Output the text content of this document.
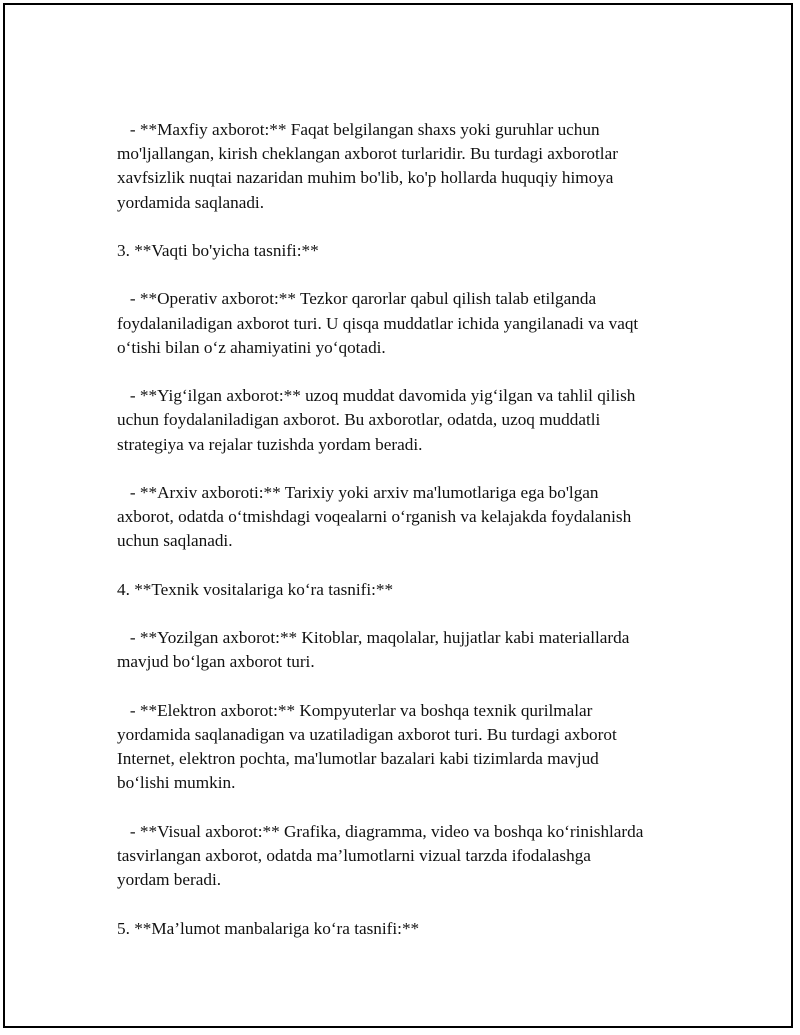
- **Maxfiy axborot:** Faqat belgilangan shaxs yoki guruhlar uchun
mo'ljallangan, kirish cheklangan axborot turlaridir. Bu turdagi axborotlar
xavfsizlik nuqtai nazaridan muhim bo'lib, ko'p hollarda huquqiy himoya
yordamida saqlanadi.
3. **Vaqti bo'yicha tasnifi:**
- **Operativ axborot:** Tezkor qarorlar qabul qilish talab etilganda
foydalaniladigan axborot turi. U qisqa muddatlar ichida yangilanadi va vaqt
o‘tishi bilan o‘z ahamiyatini yo‘qotadi.
- **Yig‘ilgan axborot:** uzoq muddat davomida yig‘ilgan va tahlil qilish
uchun foydalaniladigan axborot. Bu axborotlar, odatda, uzoq muddatli
strategiya va rejalar tuzishda yordam beradi.
- **Arxiv axboroti:** Tarixiy yoki arxiv ma'lumotlariga ega bo'lgan
axborot, odatda o‘tmishdagi voqealarni o‘rganish va kelajakda foydalanish
uchun saqlanadi.
4. **Texnik vositalariga ko‘ra tasnifi:**
- **Yozilgan axborot:** Kitoblar, maqolalar, hujjatlar kabi materiallarda
mavjud bo‘lgan axborot turi.
- **Elektron axborot:** Kompyuterlar va boshqa texnik qurilmalar
yordamida saqlanadigan va uzatiladigan axborot turi. Bu turdagi axborot
Internet, elektron pochta, ma'lumotlar bazalari kabi tizimlarda mavjud
bo‘lishi mumkin.
- **Visual axborot:** Grafika, diagramma, video va boshqa ko‘rinishlarda
tasvirlangan axborot, odatda ma’lumotlarni vizual tarzda ifodalashga
yordam beradi.
5. **Ma’lumot manbalariga ko‘ra tasnifi:**
